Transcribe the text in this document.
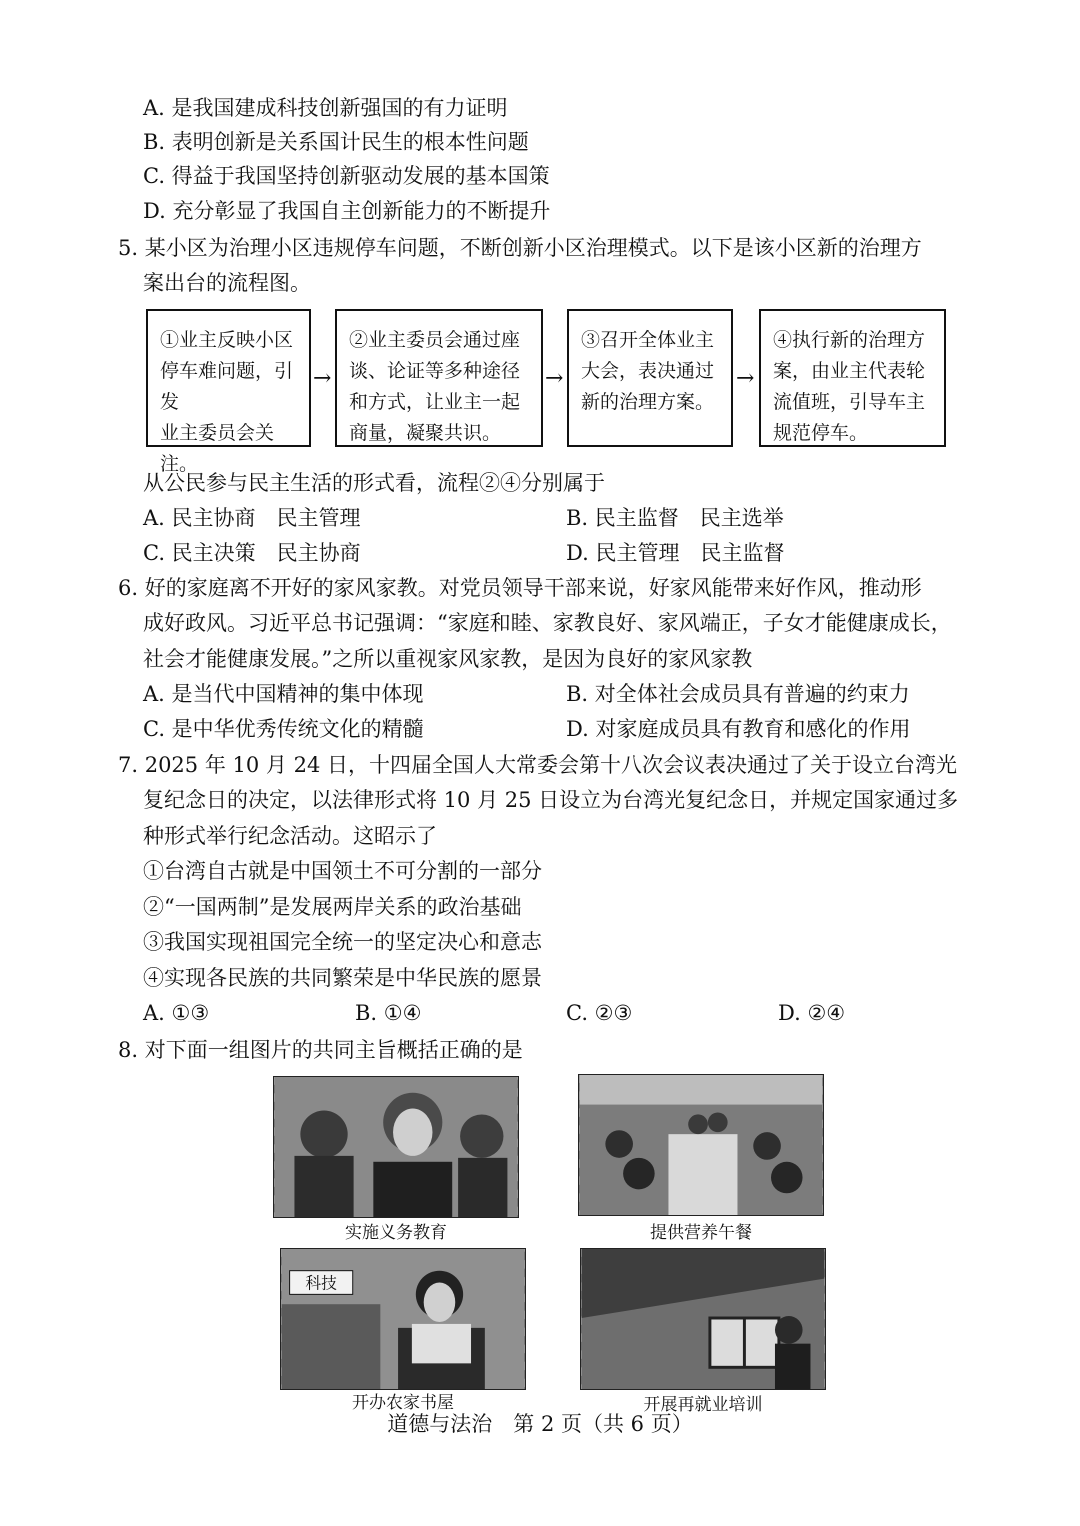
A. 是我国建成科技创新强国的有力证明
B. 表明创新是关系国计民生的根本性问题
C. 得益于我国坚持创新驱动发展的基本国策
D. 充分彰显了我国自主创新能力的不断提升
5. 某小区为治理小区违规停车问题，不断创新小区治理模式。以下是该小区新的治理方
案出台的流程图。
①业主反映小区
停车难问题，引发
业主委员会关注。
→
②业主委员会通过座
谈、论证等多种途径
和方式，让业主一起
商量，凝聚共识。
→
③召开全体业主
大会，表决通过
新的治理方案。
→
④执行新的治理方
案，由业主代表轮
流值班，引导车主
规范停车。
从公民参与民主生活的形式看，流程②④分别属于
A. 民主协商　民主管理	B. 民主监督　民主选举
C. 民主决策　民主协商	D. 民主管理　民主监督
6. 好的家庭离不开好的家风家教。对党员领导干部来说，好家风能带来好作风，推动形
成好政风。习近平总书记强调：“家庭和睦、家教良好、家风端正，子女才能健康成长，
社会才能健康发展。”之所以重视家风家教，是因为良好的家风家教
A. 是当代中国精神的集中体现	B. 对全体社会成员具有普遍的约束力
C. 是中华优秀传统文化的精髓	D. 对家庭成员具有教育和感化的作用
7. 2025 年 10 月 24 日，十四届全国人大常委会第十八次会议表决通过了关于设立台湾光
复纪念日的决定，以法律形式将 10 月 25 日设立为台湾光复纪念日，并规定国家通过多
种形式举行纪念活动。这昭示了
①台湾自古就是中国领土不可分割的一部分
②“一国两制”是发展两岸关系的政治基础
③我国实现祖国完全统一的坚定决心和意志
④实现各民族的共同繁荣是中华民族的愿景
A. ①③	B. ①④	C. ②③	D. ②④
8. 对下面一组图片的共同主旨概括正确的是
实施义务教育	提供营养午餐
科技
开办农家书屋	开展再就业培训
道德与法治　第 2 页（共 6 页）
